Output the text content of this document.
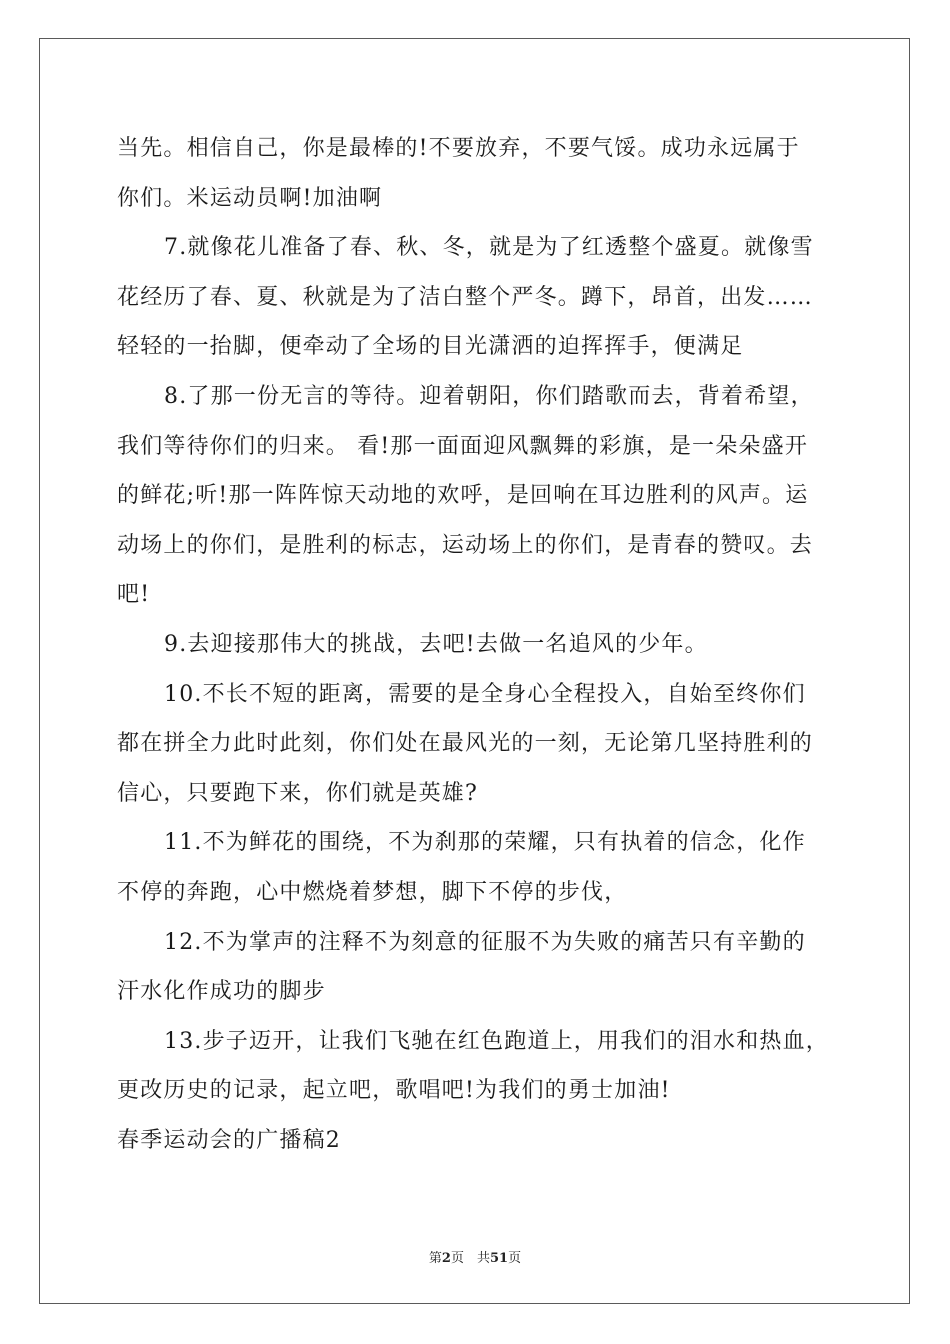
当先。相信自己，你是最棒的!不要放弃，不要气馁。成功永远属于
你们。米运动员啊!加油啊
7.就像花儿准备了春、秋、冬，就是为了红透整个盛夏。就像雪
花经历了春、夏、秋就是为了洁白整个严冬。蹲下，昂首，出发……
轻轻的一抬脚，便牵动了全场的目光潇洒的迫挥挥手，便满足
8.了那一份无言的等待。迎着朝阳，你们踏歌而去，背着希望，
我们等待你们的归来。 看!那一面面迎风飘舞的彩旗，是一朵朵盛开
的鲜花;听!那一阵阵惊天动地的欢呼，是回响在耳边胜利的风声。运
动场上的你们，是胜利的标志，运动场上的你们，是青春的赞叹。去
吧!
9.去迎接那伟大的挑战，去吧!去做一名追风的少年。
10.不长不短的距离，需要的是全身心全程投入，自始至终你们
都在拼全力此时此刻，你们处在最风光的一刻，无论第几坚持胜利的
信心，只要跑下来，你们就是英雄?
11.不为鲜花的围绕，不为刹那的荣耀，只有执着的信念，化作
不停的奔跑，心中燃烧着梦想，脚下不停的步伐，
12.不为掌声的注释不为刻意的征服不为失败的痛苦只有辛勤的
汗水化作成功的脚步
13.步子迈开，让我们飞驰在红色跑道上，用我们的泪水和热血，
更改历史的记录，起立吧，歌唱吧!为我们的勇士加油!
春季运动会的广播稿2
第2页　共51页
